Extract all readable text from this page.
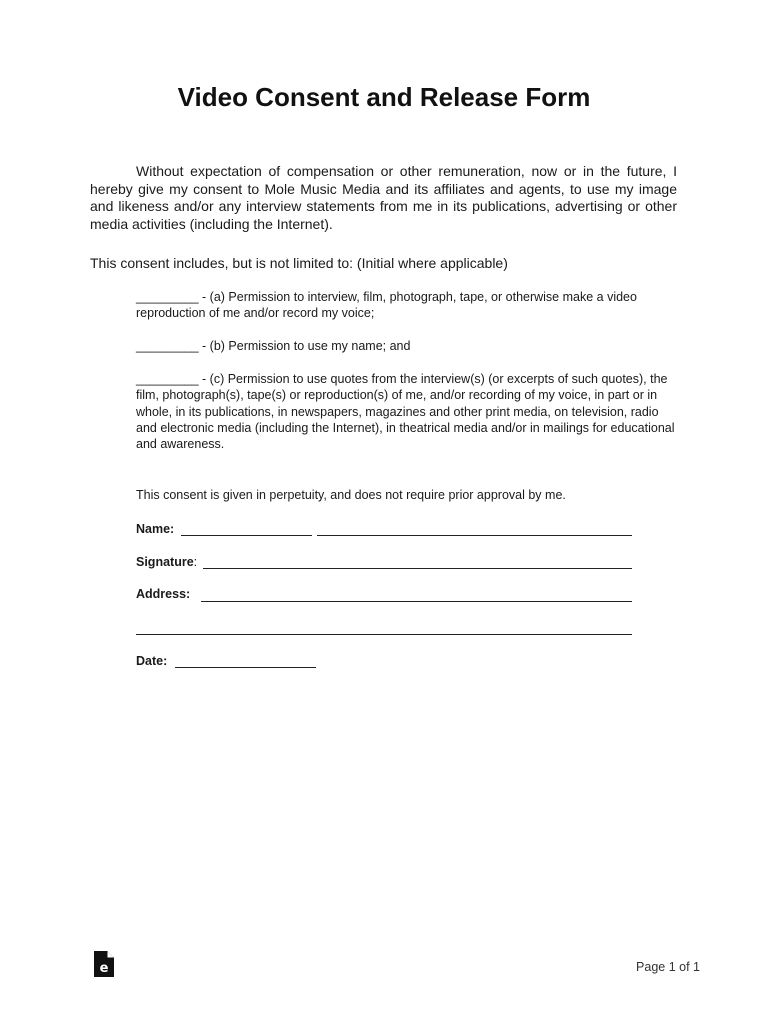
Video Consent and Release Form

Without expectation of compensation or other remuneration, now or in the future, I hereby give my consent to Mole Music Media and its affiliates and agents, to use my image and likeness and/or any interview statements from me in its publications, advertising or other media activities (including the Internet).

This consent includes, but is not limited to: (Initial where applicable)

_________ - (a) Permission to interview, film, photograph, tape, or otherwise make a video reproduction of me and/or record my voice;

_________ - (b) Permission to use my name; and

_________ - (c) Permission to use quotes from the interview(s) (or excerpts of such quotes), the film, photograph(s), tape(s) or reproduction(s) of me, and/or recording of my voice, in part or in whole, in its publications, in newspapers, magazines and other print media, on television, radio and electronic media (including the Internet), in theatrical media and/or in mailings for educational and awareness.

This consent is given in perpetuity, and does not require prior approval by me.

Name:
Signature:
Address:
Date:
e	Page 1 of 1
